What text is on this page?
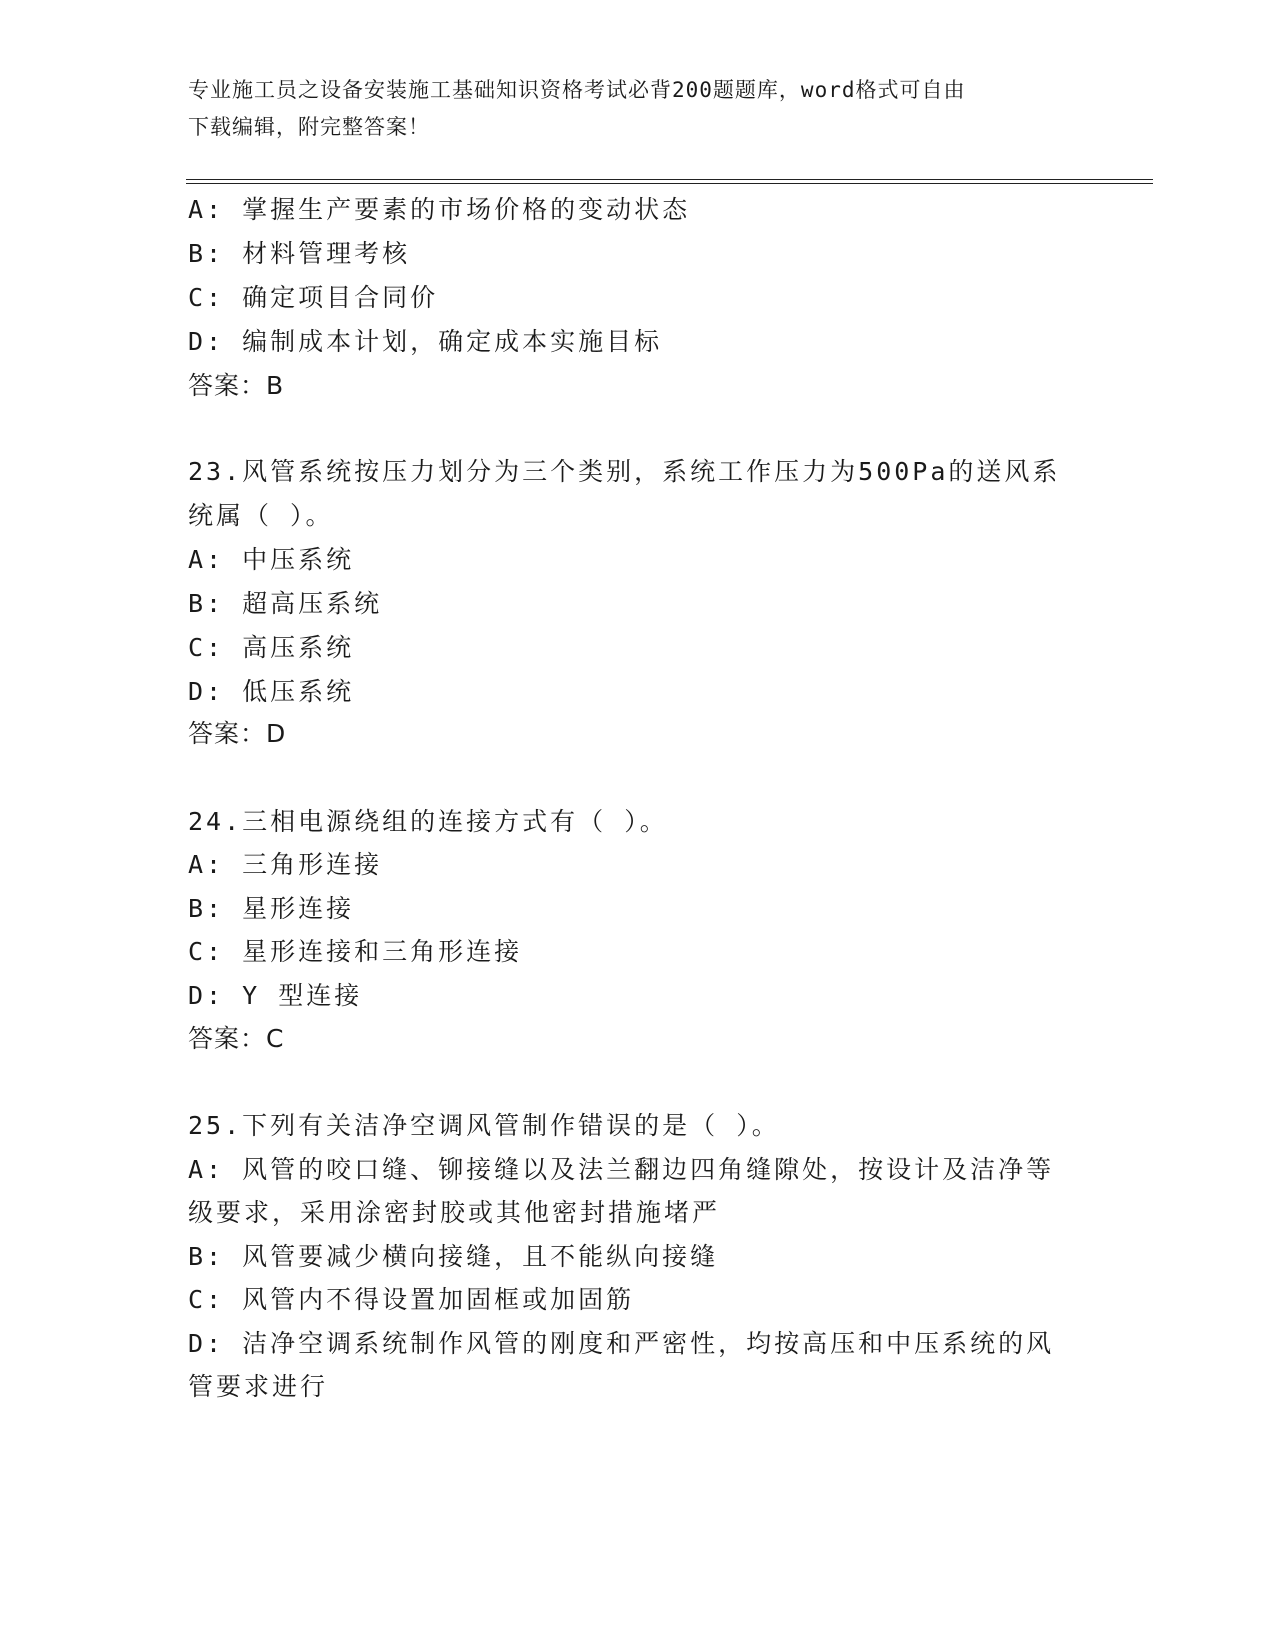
专业施工员之设备安装施工基础知识资格考试必背200题题库，word格式可自由
下载编辑，附完整答案！
A: 掌握生产要素的市场价格的变动状态
B: 材料管理考核
C: 确定项目合同价
D: 编制成本计划，确定成本实施目标
答案：B
23.风管系统按压力划分为三个类别，系统工作压力为500Pa的送风系
统属（ ）。
A: 中压系统
B: 超高压系统
C: 高压系统
D: 低压系统
答案：D
24.三相电源绕组的连接方式有（ ）。
A: 三角形连接
B: 星形连接
C: 星形连接和三角形连接
D: Y 型连接
答案：C
25.下列有关洁净空调风管制作错误的是（ ）。
A: 风管的咬口缝、铆接缝以及法兰翻边四角缝隙处，按设计及洁净等
级要求，采用涂密封胶或其他密封措施堵严
B: 风管要减少横向接缝，且不能纵向接缝
C: 风管内不得设置加固框或加固筋
D: 洁净空调系统制作风管的刚度和严密性，均按高压和中压系统的风
管要求进行
